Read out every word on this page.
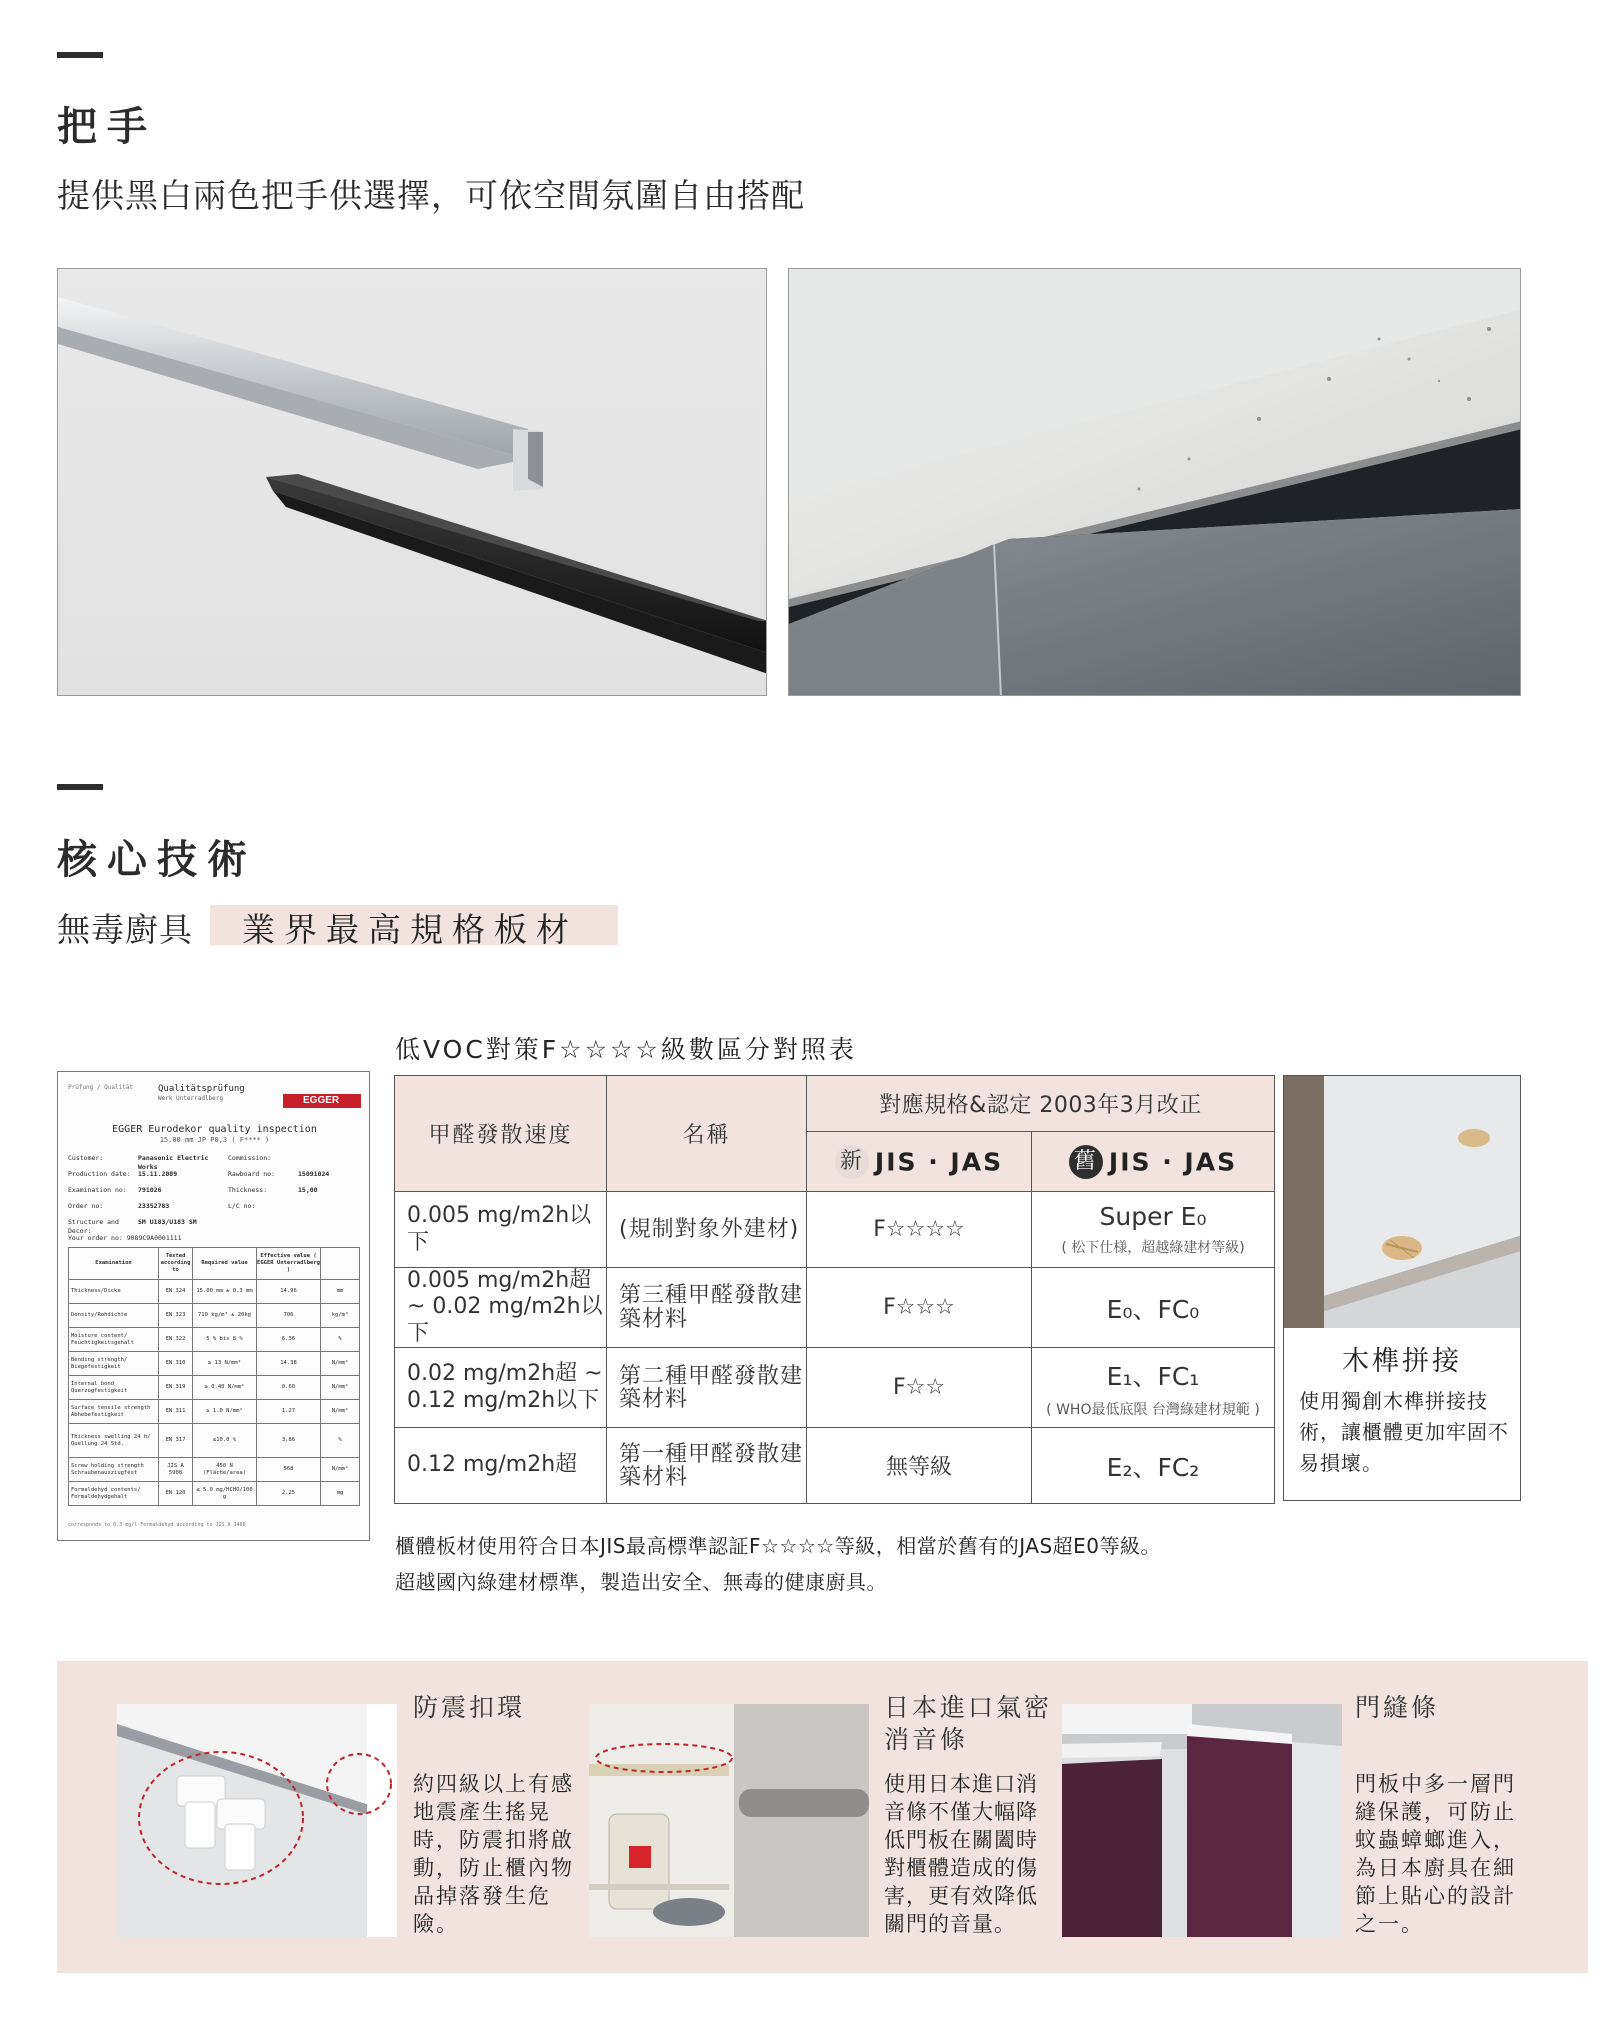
把手
提供黑白兩色把手供選擇，可依空間氛圍自由搭配
核心技術
無毒廚具 業界最高規格板材
Prüfung / Qualität	Qualitätsprüfung
Werk Unterradlberg	EGGER
EGGER Eurodekor quality inspection
15.00 mm JP P0,3 ( F**** )
Customer:	Panasonic Electric Works
Commission:
Production date:	15.11.2009	Rawboard no:	15091024
Examination no:	791026	Thickness:	15,00
Order no:	23352783	L/C no:
Structure and Decor:
SM U183/U183 SM
Your order no: 9089C9A0001111
Examination	Tested according to	Required value	Effective value ( EGGER Unterradlberg )	
Thickness/Dicke	EN 324	15.00 mm ± 0.3 mm	14.96	mm
Density/Rohdichte	EN 323	710 kg/m³ ± 20kg	706	kg/m³
Moisture content/ Feuchtigkeitsgehalt	EN 322	5 % bis 8 %	6.36	%
Bending strength/ Biegefestigkeit	EN 310	≥ 13 N/mm²	14.38	N/mm²
Internal bond Querzugfestigkeit	EN 319	≥ 0.40 N/mm²	0.60	N/mm²
Surface tensile strength Abhebefestigkeit	EN 311	≥ 1.0 N/mm²	1.27	N/mm²
Thickness swelling 24 h/ Quellung 24 Std.	EN 317	≤10.0 %	3.86	%
Screw holding strength Schraubenausziugfest	JIS A 5908	450 N (Fläche/area)	568	N/mm²
Formaldehyd contents/ Formaldehydgehalt	EN 120	≤ 5.0 mg/HCHO/100 g	2.25	mg
corresponds to 0.3 mg/l Formaldehyd according to JIS A 1460
低VOC對策F☆☆☆☆級數區分對照表
甲醛發散速度	名稱	對應規格&認定 2003年3月改正	
		新 JIS · JAS	舊 JIS · JAS
0.005 mg/m2h以下	(規制對象外建材)	F☆☆☆☆	Super E₀
( 松下仕様，超越綠建材等級)

0.005 mg/m2h超 ~ 0.02 mg/m2h以下	第三種甲醛發散建築材料	F☆☆☆	E₀、FC₀
0.02 mg/m2h超 ~ 0.12 mg/m2h以下	第二種甲醛發散建築材料	F☆☆	E₁、FC₁
( WHO最低底限 台灣綠建材規範 )

0.12 mg/m2h超	第一種甲醛發散建築材料	無等級	E₂、FC₂
木榫拼接
使用獨創木榫拼接技術，讓櫃體更加牢固不易損壞。
櫃體板材使用符合日本JIS最高標準認証F☆☆☆☆等級，相當於舊有的JAS超E0等級。
超越國內綠建材標準，製造出安全、無毒的健康廚具。
防震扣環
約四級以上有感地震產生搖晃時，防震扣將啟動，防止櫃內物品掉落發生危險。
日本進口氣密消音條
使用日本進口消音條不僅大幅降低門板在關闔時對櫃體造成的傷害，更有效降低關門的音量。
門縫條
門板中多一層門縫保護，可防止蚊蟲蟑螂進入，為日本廚具在細節上貼心的設計之一。
